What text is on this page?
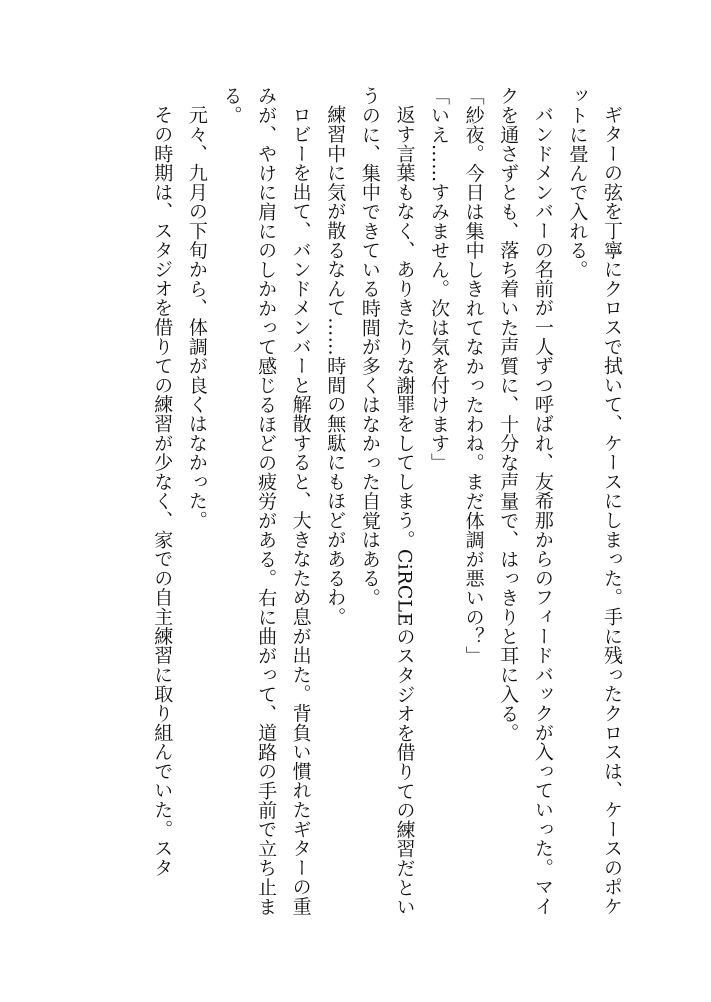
ギターの弦を丁寧にクロスで拭いて、ケースにしまった。手に残ったクロスは、ケースのポケットに畳んで入れる。

バンドメンバーの名前が一人ずつ呼ばれ、友希那からのフィードバックが入っていった。マイクを通さずとも、落ち着いた声質に、十分な声量で、はっきりと耳に入る。

「紗夜。今日は集中しきれてなかったわね。まだ体調が悪いの？」

「いえ……すみません。次は気を付けます」

返す言葉もなく、ありきたりな謝罪をしてしまう。CiRCLEのスタジオを借りての練習だというのに、集中できている時間が多くはなかった自覚はある。

練習中に気が散るなんて……時間の無駄にもほどがあるわ。

ロビーを出て、バンドメンバーと解散すると、大きなため息が出た。背負い慣れたギターの重みが、やけに肩にのしかかって感じるほどの疲労がある。右に曲がって、道路の手前で立ち止まる。

元々、九月の下旬から、体調が良くはなかった。

その時期は、スタジオを借りての練習が少なく、家での自主練習に取り組んでいた。スタ
